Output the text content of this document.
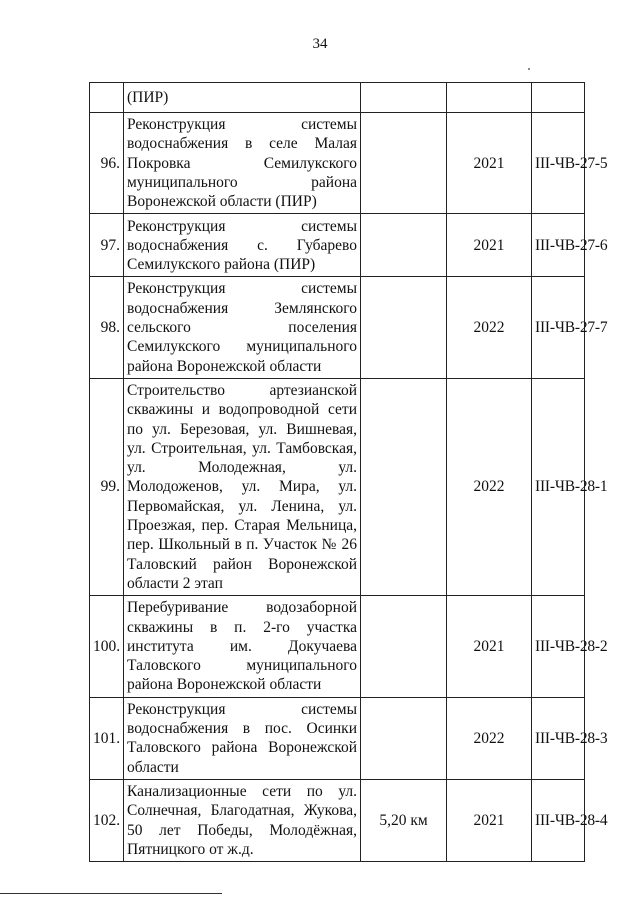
34
	(ПИР)			
96.	Реконструкция системы водоснабжения в селе Малая Покровка Семилукского муниципального района Воронежской области (ПИР)		2021	III-ЧВ-27-5
97.	Реконструкция системы водоснабжения с. Губарево Семилукского района (ПИР)		2021	III-ЧВ-27-6
98.	Реконструкция системы водоснабжения Землянского сельского поселения Семилукского муниципального района Воронежской области		2022	III-ЧВ-27-7
99.	Строительство артезианской скважины и водопроводной сети по ул. Березовая, ул. Вишневая, ул. Строительная, ул. Тамбовская, ул. Молодежная, ул. Молодоженов, ул. Мира, ул. Первомайская, ул. Ленина, ул. Проезжая, пер. Старая Мельница, пер. Школьный в п. Участок № 26 Таловский район Воронежской области 2 этап		2022	III-ЧВ-28-1
100.	Перебуривание водозаборной скважины в п. 2-го участка института им. Докучаева Таловского муниципального района Воронежской области		2021	III-ЧВ-28-2
101.	Реконструкция системы водоснабжения в пос. Осинки Таловского района Воронежской области		2022	III-ЧВ-28-3
102.	Канализационные сети по ул. Солнечная, Благодатная, Жукова, 50 лет Победы, Молодёжная, Пятницкого от ж.д.	5,20 км	2021	III-ЧВ-28-4
